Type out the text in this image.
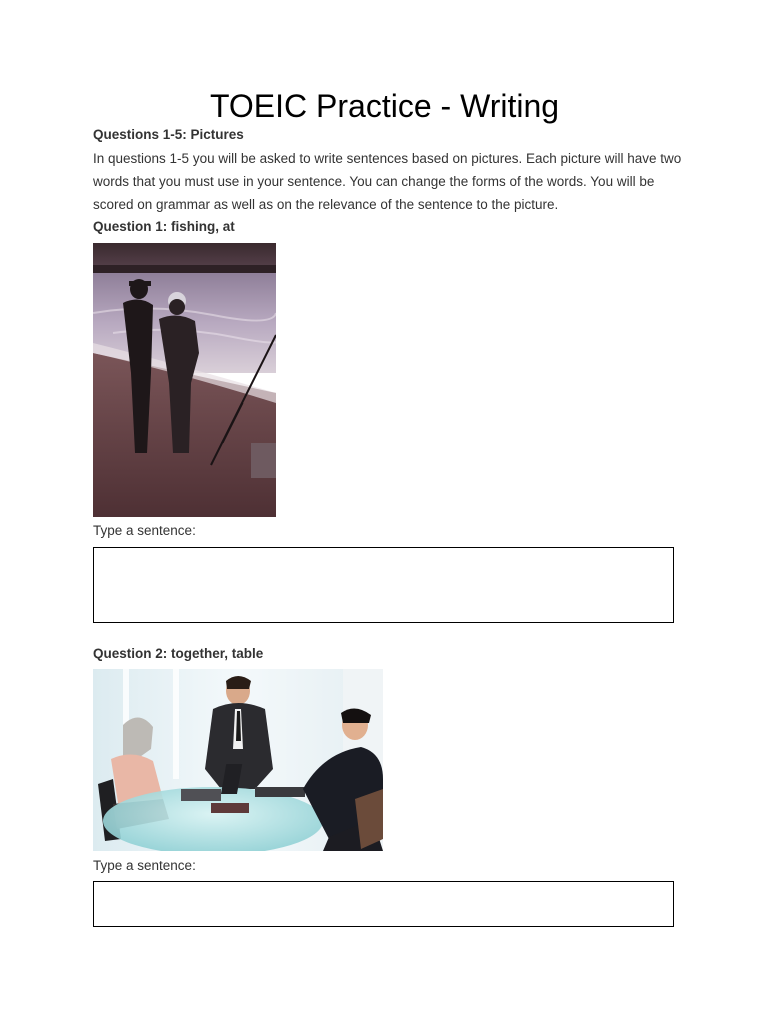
TOEIC Practice - Writing

Questions 1-5: Pictures

In questions 1-5 you will be asked to write sentences based on pictures. Each picture will have two words that you must use in your sentence. You can change the forms of the words. You will be scored on grammar as well as on the relevance of the sentence to the picture.

Question 1: fishing, at

Type a sentence:

Question 2: together, table

Type a sentence:
